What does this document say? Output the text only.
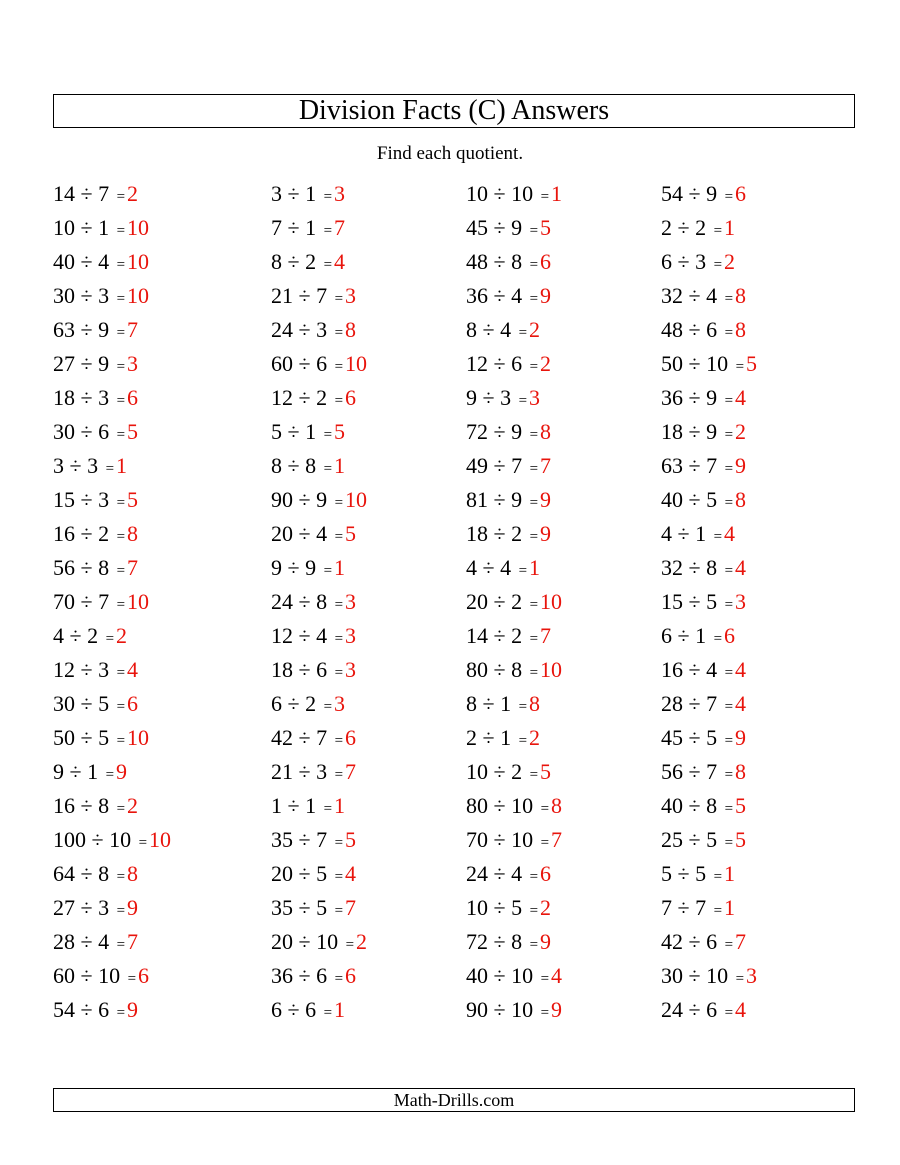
Division Facts (C) Answers
Find each quotient.
14 ÷ 7 =2
10 ÷ 1 =10
40 ÷ 4 =10
30 ÷ 3 =10
63 ÷ 9 =7
27 ÷ 9 =3
18 ÷ 3 =6
30 ÷ 6 =5
3 ÷ 3 =1
15 ÷ 3 =5
16 ÷ 2 =8
56 ÷ 8 =7
70 ÷ 7 =10
4 ÷ 2 =2
12 ÷ 3 =4
30 ÷ 5 =6
50 ÷ 5 =10
9 ÷ 1 =9
16 ÷ 8 =2
100 ÷ 10 =10
64 ÷ 8 =8
27 ÷ 3 =9
28 ÷ 4 =7
60 ÷ 10 =6
54 ÷ 6 =9
3 ÷ 1 =3
7 ÷ 1 =7
8 ÷ 2 =4
21 ÷ 7 =3
24 ÷ 3 =8
60 ÷ 6 =10
12 ÷ 2 =6
5 ÷ 1 =5
8 ÷ 8 =1
90 ÷ 9 =10
20 ÷ 4 =5
9 ÷ 9 =1
24 ÷ 8 =3
12 ÷ 4 =3
18 ÷ 6 =3
6 ÷ 2 =3
42 ÷ 7 =6
21 ÷ 3 =7
1 ÷ 1 =1
35 ÷ 7 =5
20 ÷ 5 =4
35 ÷ 5 =7
20 ÷ 10 =2
36 ÷ 6 =6
6 ÷ 6 =1
10 ÷ 10 =1
45 ÷ 9 =5
48 ÷ 8 =6
36 ÷ 4 =9
8 ÷ 4 =2
12 ÷ 6 =2
9 ÷ 3 =3
72 ÷ 9 =8
49 ÷ 7 =7
81 ÷ 9 =9
18 ÷ 2 =9
4 ÷ 4 =1
20 ÷ 2 =10
14 ÷ 2 =7
80 ÷ 8 =10
8 ÷ 1 =8
2 ÷ 1 =2
10 ÷ 2 =5
80 ÷ 10 =8
70 ÷ 10 =7
24 ÷ 4 =6
10 ÷ 5 =2
72 ÷ 8 =9
40 ÷ 10 =4
90 ÷ 10 =9
54 ÷ 9 =6
2 ÷ 2 =1
6 ÷ 3 =2
32 ÷ 4 =8
48 ÷ 6 =8
50 ÷ 10 =5
36 ÷ 9 =4
18 ÷ 9 =2
63 ÷ 7 =9
40 ÷ 5 =8
4 ÷ 1 =4
32 ÷ 8 =4
15 ÷ 5 =3
6 ÷ 1 =6
16 ÷ 4 =4
28 ÷ 7 =4
45 ÷ 5 =9
56 ÷ 7 =8
40 ÷ 8 =5
25 ÷ 5 =5
5 ÷ 5 =1
7 ÷ 7 =1
42 ÷ 6 =7
30 ÷ 10 =3
24 ÷ 6 =4
Math-Drills.com
